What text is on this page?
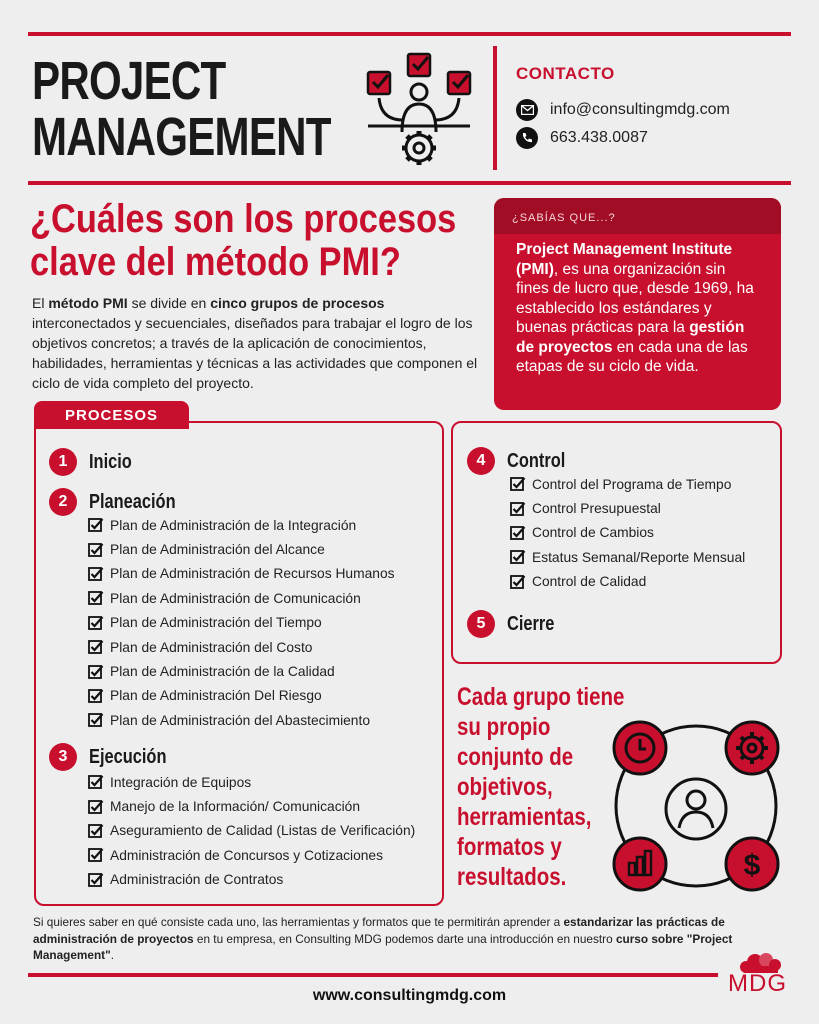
PROJECT
MANAGEMENT
CONTACTO
info@consultingmdg.com
663.438.0087
¿Cuáles son los procesos
clave del método PMI?

El método PMI se divide en cinco grupos de procesos interconectados y secuenciales, diseñados para trabajar el logro de los objetivos concretos; a través de la aplicación de conocimientos, habilidades, herramientas y técnicas a las actividades que componen el ciclo de vida completo del proyecto.

¿SABÍAS QUE...?
Project Management Institute (PMI), es una organización sin fines de lucro que, desde 1969, ha establecido los estándares y buenas prácticas para la gestión de proyectos en cada una de las etapas de su ciclo de vida.
PROCESOS
1	Inicio
2	Planeación
Plan de Administración de la Integración
Plan de Administración del Alcance
Plan de Administración de Recursos Humanos
Plan de Administración de Comunicación
Plan de Administración del Tiempo
Plan de Administración del Costo
Plan de Administración de la Calidad
Plan de Administración Del Riesgo
Plan de Administración del Abastecimiento
3	Ejecución
Integración de Equipos
Manejo de la Información/ Comunicación
Aseguramiento de Calidad (Listas de Verificación)
Administración de Concursos y Cotizaciones
Administración de Contratos
4	Control
Control del Programa de Tiempo
Control Presupuestal
Control de Cambios
Estatus Semanal/Reporte Mensual
Control de Calidad
5	Cierre
Cada grupo tiene
su propio
conjunto de
objetivos,
herramientas,
formatos y
resultados.	$

Si quieres saber en qué consiste cada uno, las herramientas y formatos que te permitirán aprender a estandarizar las prácticas de administración de proyectos en tu empresa, en Consulting MDG podemos darte una introducción en nuestro curso sobre "Project Management".

MDG
www.consultingmdg.com
